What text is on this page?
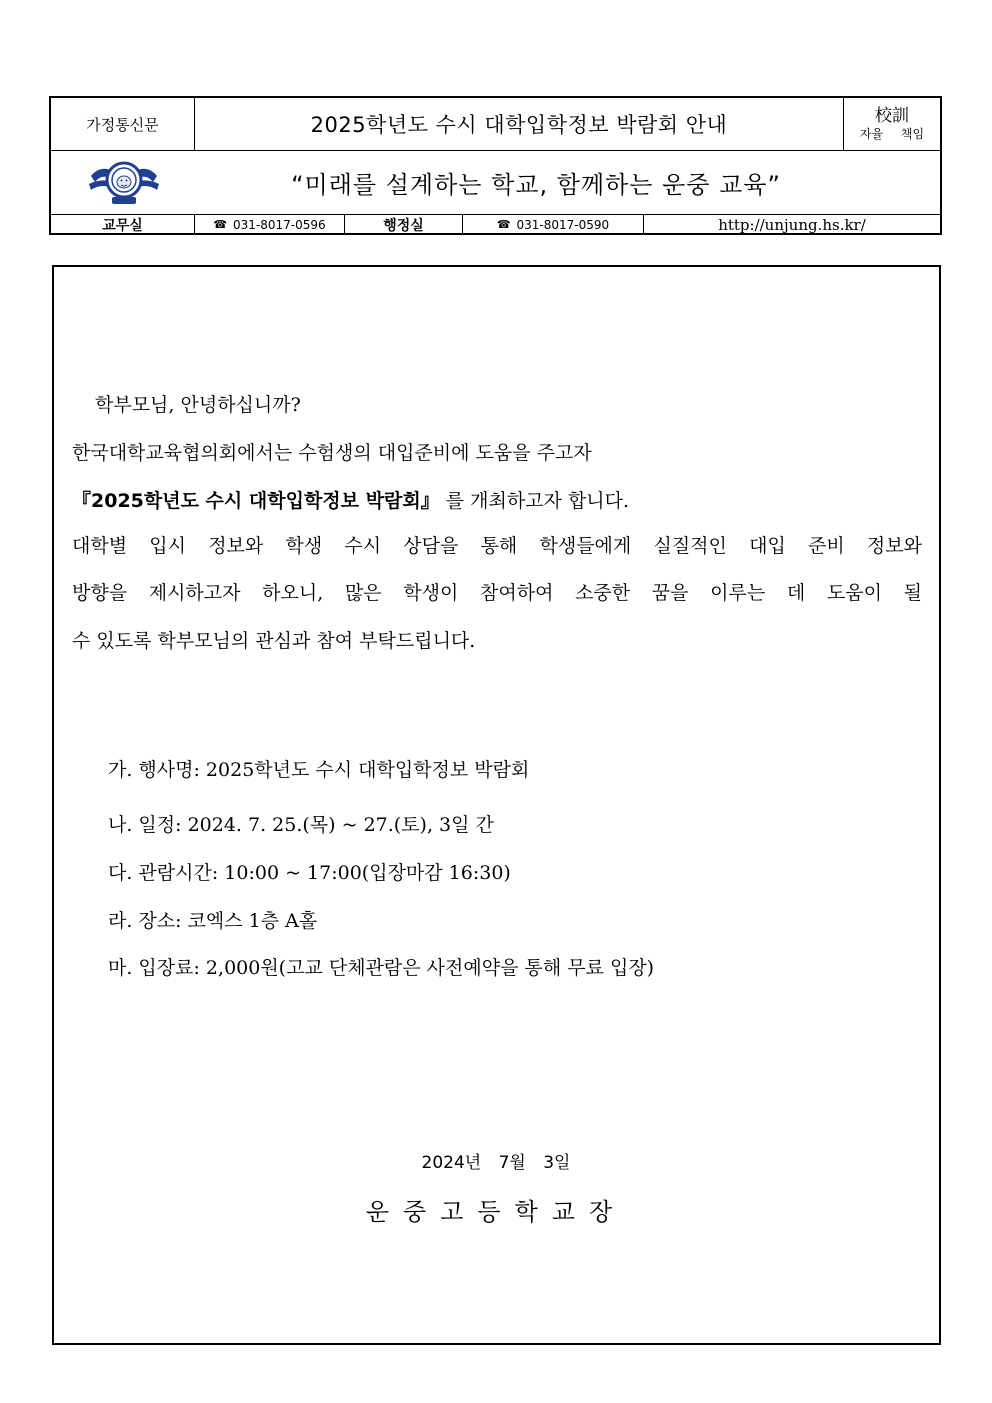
가정통신문	2025학년도 수시 대학입학정보 박람회 안내	校訓
자율 책임
“미래를 설계하는 학교, 함께하는 운중 교육”
교무실	☎ 031-8017-0596	행정실	☎ 031-8017-0590	http://unjung.hs.kr/
학부모님, 안녕하십니까?
한국대학교육협의회에서는 수험생의 대입준비에 도움을 주고자
『2025학년도 수시 대학입학정보 박람회』 를 개최하고자 합니다.
대학별 입시 정보와 학생 수시 상담을 통해 학생들에게 실질적인 대입 준비 정보와
방향을 제시하고자 하오니, 많은 학생이 참여하여 소중한 꿈을 이루는 데 도움이 될
수 있도록 학부모님의 관심과 참여 부탁드립니다.
가. 행사명: 2025학년도 수시 대학입학정보 박람회
나. 일정: 2024. 7. 25.(목) ~ 27.(토), 3일 간
다. 관람시간: 10:00 ~ 17:00(입장마감 16:30)
라. 장소: 코엑스 1층 A홀
마. 입장료: 2,000원(고교 단체관람은 사전예약을 통해 무료 입장)
2024년 7월 3일
운중고등학교장
